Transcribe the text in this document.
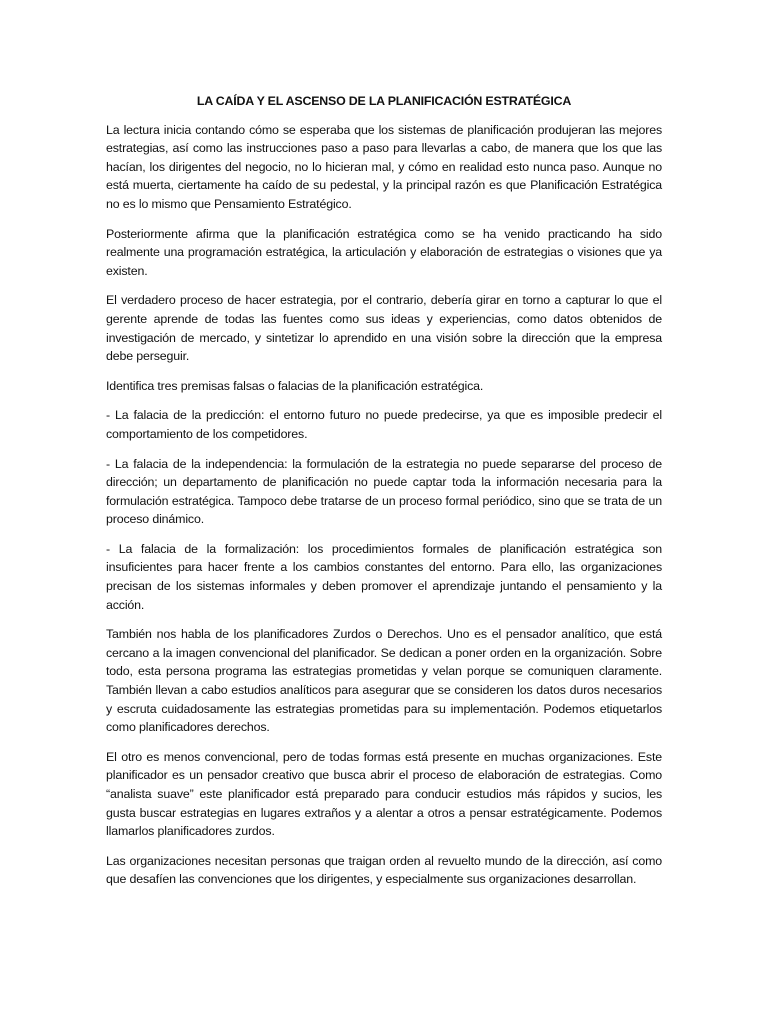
LA CAÍDA Y EL ASCENSO DE LA PLANIFICACIÓN ESTRATÉGICA

La lectura inicia contando cómo se esperaba que los sistemas de planificación produjeran las mejores estrategias, así como las instrucciones paso a paso para llevarlas a cabo, de manera que los que las hacían, los dirigentes del negocio, no lo hicieran mal, y cómo en realidad esto nunca paso. Aunque no está muerta, ciertamente ha caído de su pedestal, y la principal razón es que Planificación Estratégica no es lo mismo que Pensamiento Estratégico.

Posteriormente afirma que la planificación estratégica como se ha venido practicando ha sido realmente una programación estratégica, la articulación y elaboración de estrategias o visiones que ya existen.

El verdadero proceso de hacer estrategia, por el contrario, debería girar en torno a capturar lo que el gerente aprende de todas las fuentes como sus ideas y experiencias, como datos obtenidos de investigación de mercado, y sintetizar lo aprendido en una visión sobre la dirección que la empresa debe perseguir.

Identifica tres premisas falsas o falacias de la planificación estratégica.

- La falacia de la predicción: el entorno futuro no puede predecirse, ya que es imposible predecir el comportamiento de los competidores.

- La falacia de la independencia: la formulación de la estrategia no puede separarse del proceso de dirección; un departamento de planificación no puede captar toda la información necesaria para la formulación estratégica. Tampoco debe tratarse de un proceso formal periódico, sino que se trata de un proceso dinámico.

- La falacia de la formalización: los procedimientos formales de planificación estratégica son insuficientes para hacer frente a los cambios constantes del entorno. Para ello, las organizaciones precisan de los sistemas informales y deben promover el aprendizaje juntando el pensamiento y la acción.

También nos habla de los planificadores Zurdos o Derechos. Uno es el pensador analítico, que está cercano a la imagen convencional del planificador. Se dedican a poner orden en la organización. Sobre todo, esta persona programa las estrategias prometidas y velan porque se comuniquen claramente. También llevan a cabo estudios analíticos para asegurar que se consideren los datos duros necesarios y escruta cuidadosamente las estrategias prometidas para su implementación. Podemos etiquetarlos como planificadores derechos.

El otro es menos convencional, pero de todas formas está presente en muchas organizaciones. Este planificador es un pensador creativo que busca abrir el proceso de elaboración de estrategias. Como “analista suave” este planificador está preparado para conducir estudios más rápidos y sucios, les gusta buscar estrategias en lugares extraños y a alentar a otros a pensar estratégicamente. Podemos llamarlos planificadores zurdos.

Las organizaciones necesitan personas que traigan orden al revuelto mundo de la dirección, así como que desafíen las convenciones que los dirigentes, y especialmente sus organizaciones desarrollan.
